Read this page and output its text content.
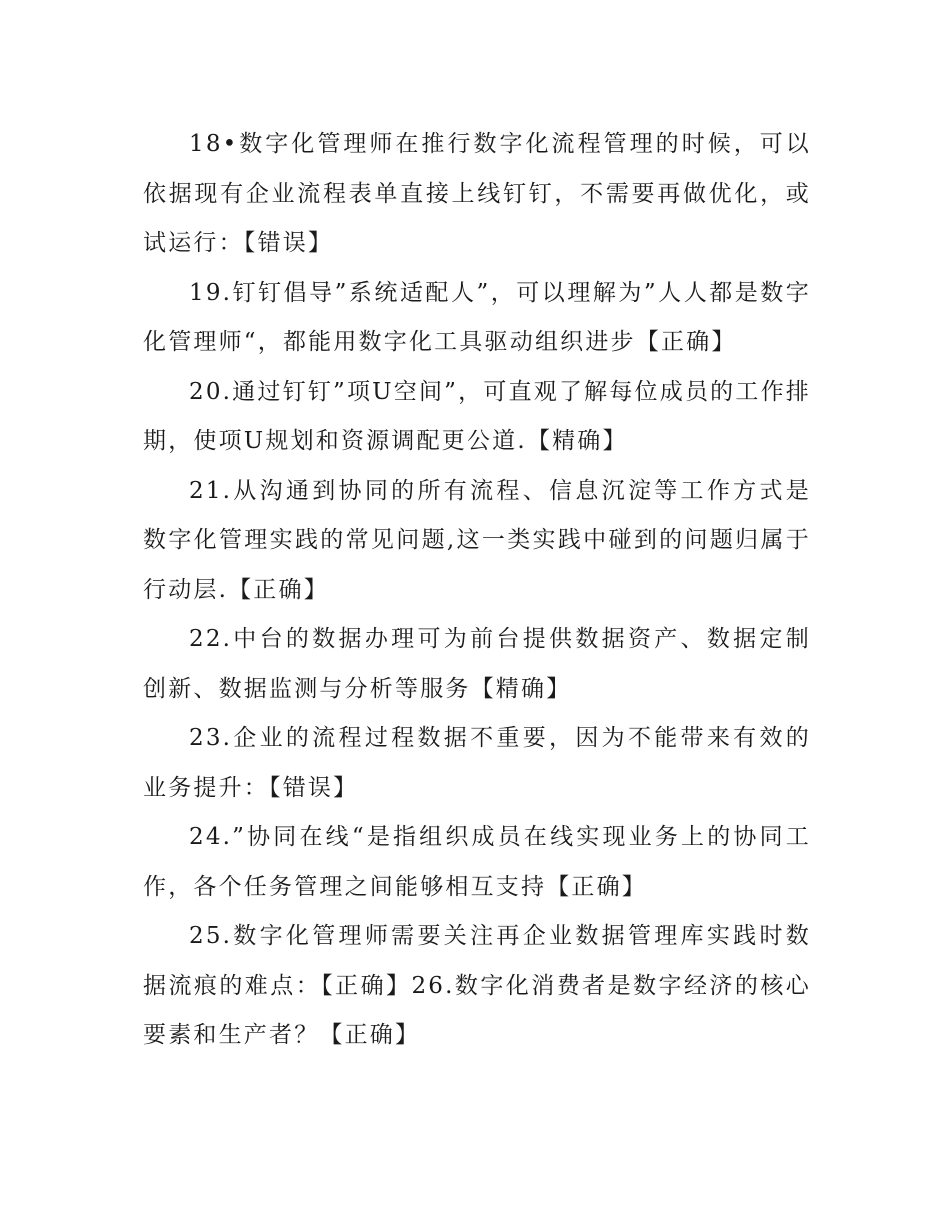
18•数字化管理师在推行数字化流程管理的时候，可以依据现有企业流程表单直接上线钉钉，不需要再做优化，或试运行：【错误】

19.钉钉倡导”系统适配人”，可以理解为”人人都是数字化管理师“，都能用数字化工具驱动组织进步【正确】

20.通过钉钉”项U空间”，可直观了解每位成员的工作排期，使项U规划和资源调配更公道.【精确】

21.从沟通到协同的所有流程、信息沉淀等工作方式是数字化管理实践的常见问题,这一类实践中碰到的问题归属于行动层.【正确】

22.中台的数据办理可为前台提供数据资产、数据定制创新、数据监测与分析等服务【精确】

23.企业的流程过程数据不重要，因为不能带来有效的业务提升：【错误】

24.”协同在线“是指组织成员在线实现业务上的协同工作，各个任务管理之间能够相互支持【正确】

25.数字化管理师需要关注再企业数据管理库实践时数据流痕的难点：【正确】26.数字化消费者是数字经济的核心要素和生产者？【正确】
